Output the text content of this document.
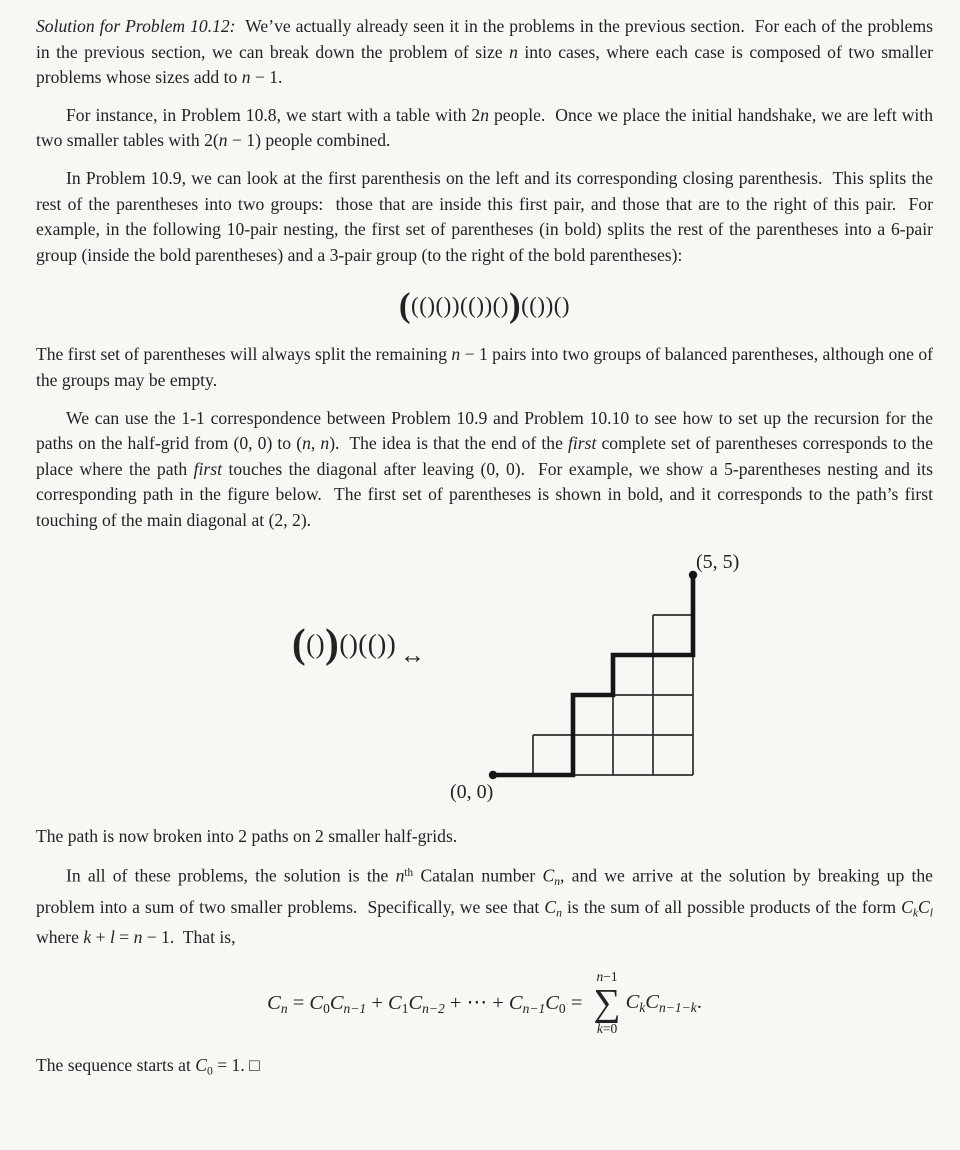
Solution for Problem 10.12:  We’ve actually already seen it in the problems in the previous section.  For each of the problems in the previous section, we can break down the problem of size n into cases, where each case is composed of two smaller problems whose sizes add to n − 1.

For instance, in Problem 10.8, we start with a table with 2n people.  Once we place the initial handshake, we are left with two smaller tables with 2(n − 1) people combined.

In Problem 10.9, we can look at the first parenthesis on the left and its corresponding closing parenthesis.  This splits the rest of the parentheses into two groups:  those that are inside this first pair, and those that are to the right of this pair.  For example, in the following 10-pair nesting, the first set of parentheses (in bold) splits the rest of the parentheses into a 6-pair group (inside the bold parentheses) and a 3-pair group (to the right of the bold parentheses):

((()())(())())(())()

The first set of parentheses will always split the remaining n − 1 pairs into two groups of balanced parentheses, although one of the groups may be empty.

We can use the 1-1 correspondence between Problem 10.9 and Problem 10.10 to see how to set up the recursion for the paths on the half-grid from (0, 0) to (n, n).  The idea is that the end of the first complete set of parentheses corresponds to the place where the path first touches the diagonal after leaving (0, 0).  For example, we show a 5-parentheses nesting and its corresponding path in the figure below.  The first set of parentheses is shown in bold, and it corresponds to the path’s first touching of the main diagonal at (2, 2).

(())()(()) ↔
(0, 0)
(5, 5)

The path is now broken into 2 paths on 2 smaller half-grids.

In all of these problems, the solution is the $n^{th}$ Catalan number Cn, and we arrive at the solution by breaking up the problem into a sum of two smaller problems.  Specifically, we see that Cn is the sum of all possible products of the form CkCl where k + l = n − 1.  That is,

Cn = C0Cn−1 + C1Cn−2 + ⋯ + Cn−1C0 =
n−1
∑
k=0
CkCn−1−k.

The sequence starts at C0 = 1. □
